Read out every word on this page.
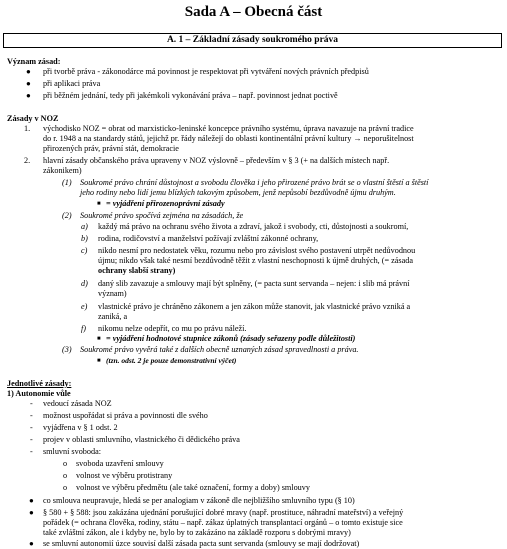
Sada A – Obecná část
A. 1 – Základní zásady soukromého práva
Význam zásad:
● při tvorbě práva - zákonodárce má povinnost je respektovat při vytváření nových právních předpisů
● při aplikaci práva
● při běžném jednání, tedy při jakémkoli vykonávání práva – např. povinnost jednat poctivě
Zásady v NOZ
1. východisko NOZ = obrat od marxisticko-leninské koncepce právního systému, úprava navazuje na právní tradice
do r. 1948 a na standardy států, jejichž pr. řády náležejí do oblasti kontinentální právní kultury → neporušitelnost
přirozených práv, právní stát, demokracie
2. hlavní zásady občanského práva upraveny v NOZ výslovně – především v § 3 (+ na dalších místech např.
zákonikem)
(1) Soukromé právo chrání důstojnost a svobodu člověka i jeho přirozené právo brát se o vlastní štěstí a štěstí
jeho rodiny nebo lidí jemu blízkých takovým způsobem, jenž nepůsobí bezdůvodně újmu druhým.
■ = vyjádření přirozenoprávní zásady
(2) Soukromé právo spočívá zejména na zásadách, že
a) každý má právo na ochranu svého života a zdraví, jakož i svobody, cti, důstojnosti a soukromí,
b) rodina, rodičovství a manželství požívají zvláštní zákonné ochrany,
c) nikdo nesmí pro nedostatek věku, rozumu nebo pro závislost svého postavení utrpět nedůvodnou
újmu; nikdo však také nesmí bezdůvodně těžit z vlastní neschopnosti k újmě druhých, (= zásada
ochrany slabší strany)
d) daný slib zavazuje a smlouvy mají být splněny, (= pacta sunt servanda – nejen: i slib má právní
význam)
e) vlastnické právo je chráněno zákonem a jen zákon může stanovit, jak vlastnické právo vzniká a
zaniká, a
f) nikomu nelze odepřít, co mu po právu náleží.
■ = vyjádření hodnotové stupnice zákonů (zásady seřazeny podle důležitosti)
(3) Soukromé právo vyvěrá také z dalších obecně uznaných zásad spravedlnosti a práva.
■ (tzn. odst. 2 je pouze demonstrativní výčet)
Jednotlivé zásady:
1) Autonomie vůle
- vedoucí zásada NOZ
- možnost uspořádat si práva a povinnosti dle svého
- vyjádřena v § 1 odst. 2
- projev v oblasti smluvního, vlastnického či dědického práva
- smluvní svoboda:
o svoboda uzavření smlouvy
o volnost ve výběru protistrany
o volnost ve výběru předmětu (ale také označení, formy a doby) smlouvy
● co smlouva neupravuje, hledá se per analogiam v zákoně dle nejbližšího smluvního typu (§ 10)
● § 580 + § 588: jsou zakázána ujednání porušující dobré mravy (např. prostituce, náhradní mateřství) a veřejný
pořádek (= ochrana člověka, rodiny, státu – např. zákaz úplatných transplantací orgánů – o tomto existuje sice
také zvláštní zákon, ale i kdyby ne, bylo by to zakázáno na základě rozporu s dobrými mravy)
● se smluvní autonomií úzce souvisí další zásada pacta sunt servanda (smlouvy se mají dodržovat)
